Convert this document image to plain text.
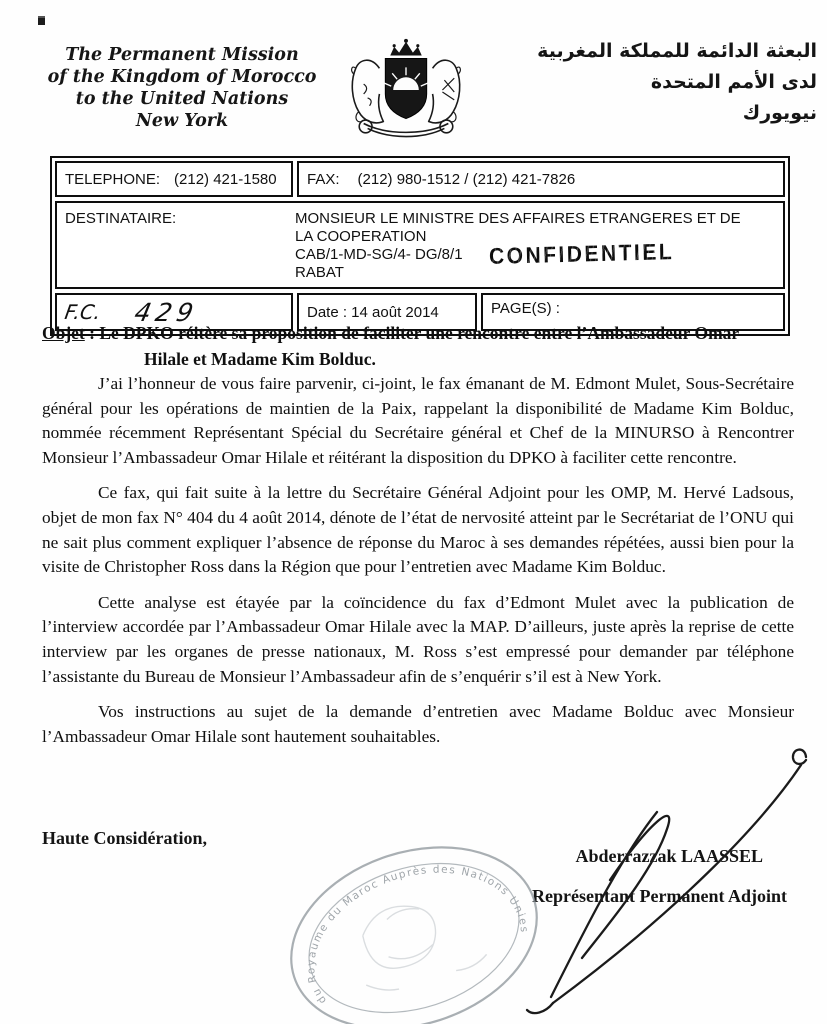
The Permanent Mission
of the Kingdom of Morocco
to the United Nations
New York
البعثة الدائمة للمملكة المغربية
لدى الأمم المتحدة
نيويورك
TELEPHONE: (212) 421-1580 FAX: (212) 980-1512 / (212) 421-7826
DESTINATAIRE:	MONSIEUR LE MINISTRE DES AFFAIRES ETRANGERES ET DE
LA COOPERATION
CAB/1-MD-SG/4- DG/8/1
RABAT
CONFIDENTIEL
F.C. 429	Date : 14 août 2014	PAGE(S) :
Objet : Le DPKO réitère sa proposition de faciliter une rencontre entre l’Ambassadeur Omar Hilale et Madame Kim Bolduc.

J’ai l’honneur de vous faire parvenir, ci-joint, le fax émanant de M. Edmont Mulet, Sous-Secrétaire général pour les opérations de maintien de la Paix, rappelant la disponibilité de Madame Kim Bolduc, nommée récemment Représentant Spécial du Secrétaire général et Chef de la MINURSO à Rencontrer Monsieur l’Ambassadeur Omar Hilale et réitérant la disposition du DPKO à faciliter cette rencontre.

Ce fax, qui fait suite à la lettre du Secrétaire Général Adjoint pour les OMP, M. Hervé Ladsous, objet de mon fax N° 404 du 4 août 2014, dénote de l’état de nervosité atteint par le Secrétariat de l’ONU qui ne sait plus comment expliquer l’absence de réponse du Maroc à ses demandes répétées, aussi bien pour la visite de Christopher Ross dans la Région que pour l’entretien avec Madame Kim Bolduc.

Cette analyse est étayée par la coïncidence du fax d’Edmont Mulet avec la publication de l’interview accordée par l’Ambassadeur Omar Hilale avec la MAP. D’ailleurs, juste après la reprise de cette interview par les organes de presse nationaux, M. Ross s’est empressé pour demander par téléphone l’assistante du Bureau de Monsieur l’Ambassadeur afin de s’enquérir s’il est à New York.

Vos instructions au sujet de la demande d’entretien avec Madame Bolduc avec Monsieur l’Ambassadeur Omar Hilale sont hautement souhaitables.

Haute Considération,
Abderrazzak LAASSEL
Représentant Permanent Adjoint
du Royaume du Maroc Auprès des Nations Unies
